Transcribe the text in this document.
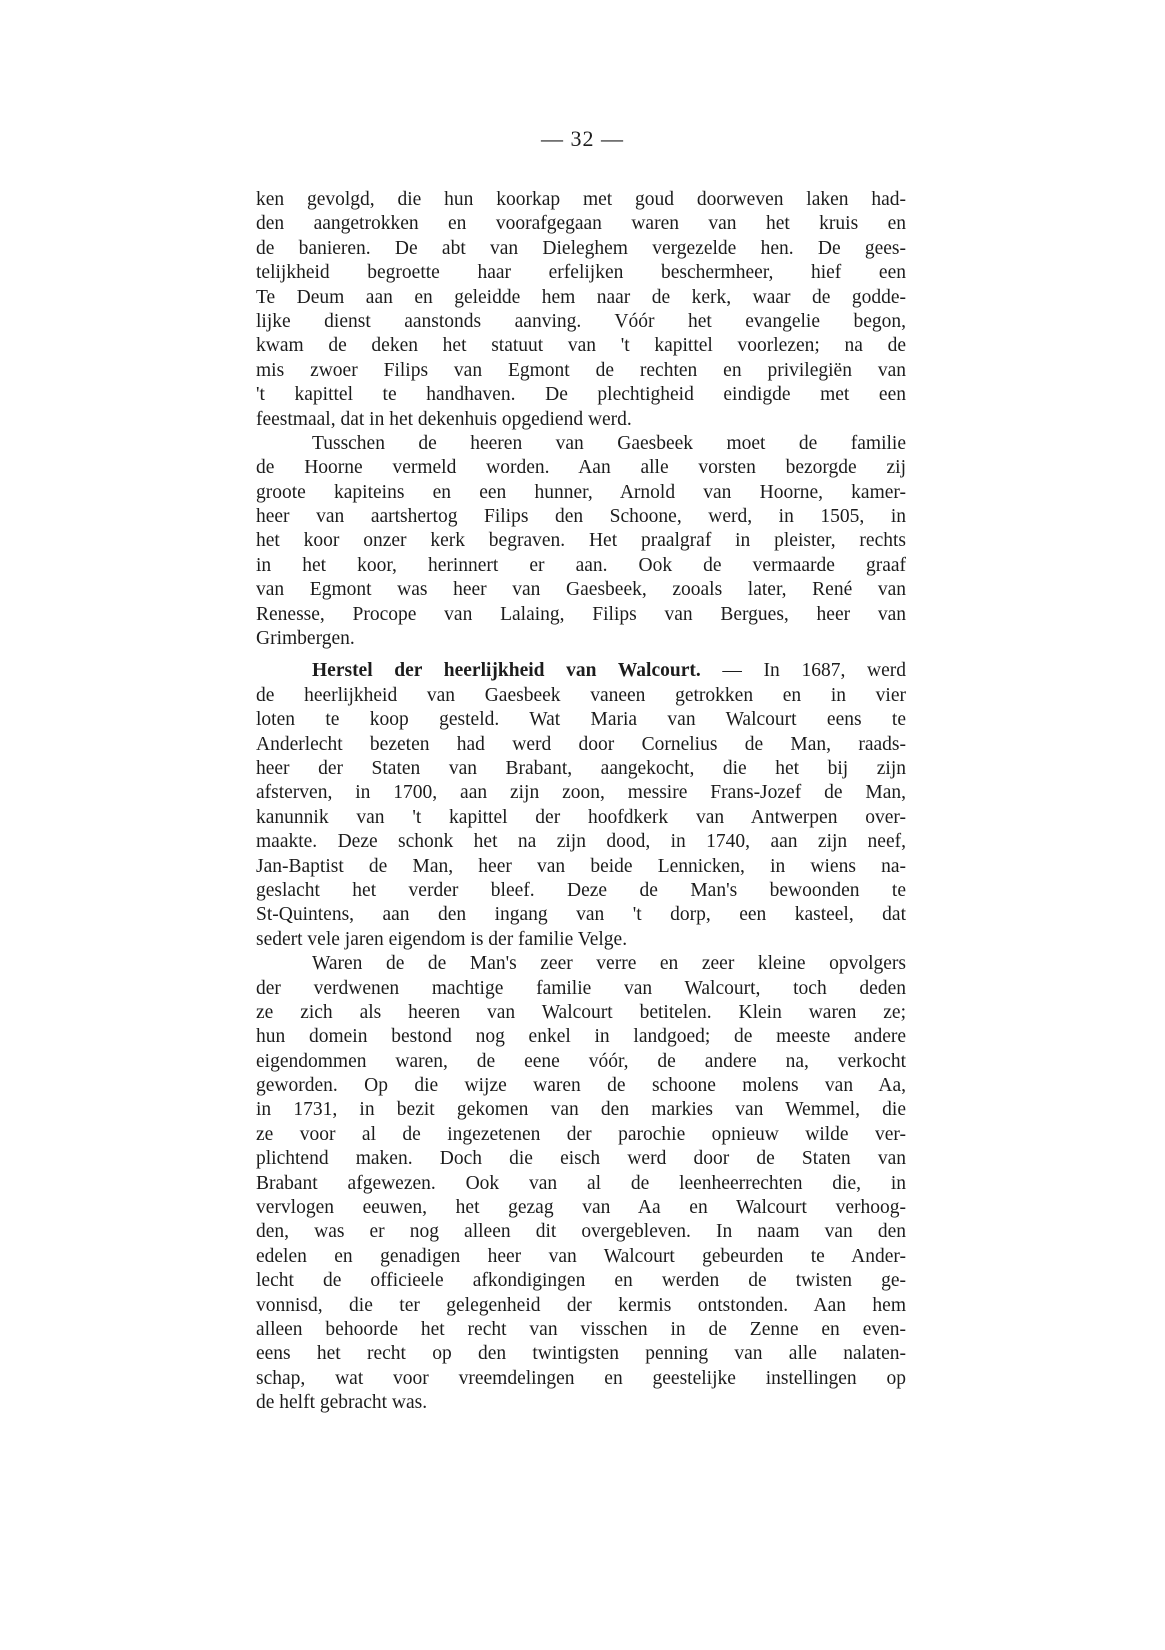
— 32 —
ken gevolgd, die hun koorkap met goud doorweven laken had-
den aangetrokken en voorafgegaan waren van het kruis en
de banieren. De abt van Dieleghem vergezelde hen. De gees-
telijkheid begroette haar erfelijken beschermheer, hief een
Te Deum aan en geleidde hem naar de kerk, waar de godde-
lijke dienst aanstonds aanving. Vóór het evangelie begon,
kwam de deken het statuut van 't kapittel voorlezen; na de
mis zwoer Filips van Egmont de rechten en privilegiën van
't kapittel te handhaven. De plechtigheid eindigde met een
feestmaal, dat in het dekenhuis opgediend werd.
Tusschen de heeren van Gaesbeek moet de familie
de Hoorne vermeld worden. Aan alle vorsten bezorgde zij
groote kapiteins en een hunner, Arnold van Hoorne, kamer-
heer van aartshertog Filips den Schoone, werd, in 1505, in
het koor onzer kerk begraven. Het praalgraf in pleister, rechts
in het koor, herinnert er aan. Ook de vermaarde graaf
van Egmont was heer van Gaesbeek, zooals later, René van
Renesse, Procope van Lalaing, Filips van Bergues, heer van
Grimbergen.
Herstel der heerlijkheid van Walcourt. — In 1687, werd
de heerlijkheid van Gaesbeek vaneen getrokken en in vier
loten te koop gesteld. Wat Maria van Walcourt eens te
Anderlecht bezeten had werd door Cornelius de Man, raads-
heer der Staten van Brabant, aangekocht, die het bij zijn
afsterven, in 1700, aan zijn zoon, messire Frans-Jozef de Man,
kanunnik van 't kapittel der hoofdkerk van Antwerpen over-
maakte. Deze schonk het na zijn dood, in 1740, aan zijn neef,
Jan-Baptist de Man, heer van beide Lennicken, in wiens na-
geslacht het verder bleef. Deze de Man's bewoonden te
St-Quintens, aan den ingang van 't dorp, een kasteel, dat
sedert vele jaren eigendom is der familie Velge.
Waren de de Man's zeer verre en zeer kleine opvolgers
der verdwenen machtige familie van Walcourt, toch deden
ze zich als heeren van Walcourt betitelen. Klein waren ze;
hun domein bestond nog enkel in landgoed; de meeste andere
eigendommen waren, de eene vóór, de andere na, verkocht
geworden. Op die wijze waren de schoone molens van Aa,
in 1731, in bezit gekomen van den markies van Wemmel, die
ze voor al de ingezetenen der parochie opnieuw wilde ver-
plichtend maken. Doch die eisch werd door de Staten van
Brabant afgewezen. Ook van al de leenheerrechten die, in
vervlogen eeuwen, het gezag van Aa en Walcourt verhoog-
den, was er nog alleen dit overgebleven. In naam van den
edelen en genadigen heer van Walcourt gebeurden te Ander-
lecht de officieele afkondigingen en werden de twisten ge-
vonnisd, die ter gelegenheid der kermis ontstonden. Aan hem
alleen behoorde het recht van visschen in de Zenne en even-
eens het recht op den twintigsten penning van alle nalaten-
schap, wat voor vreemdelingen en geestelijke instellingen op
de helft gebracht was.
